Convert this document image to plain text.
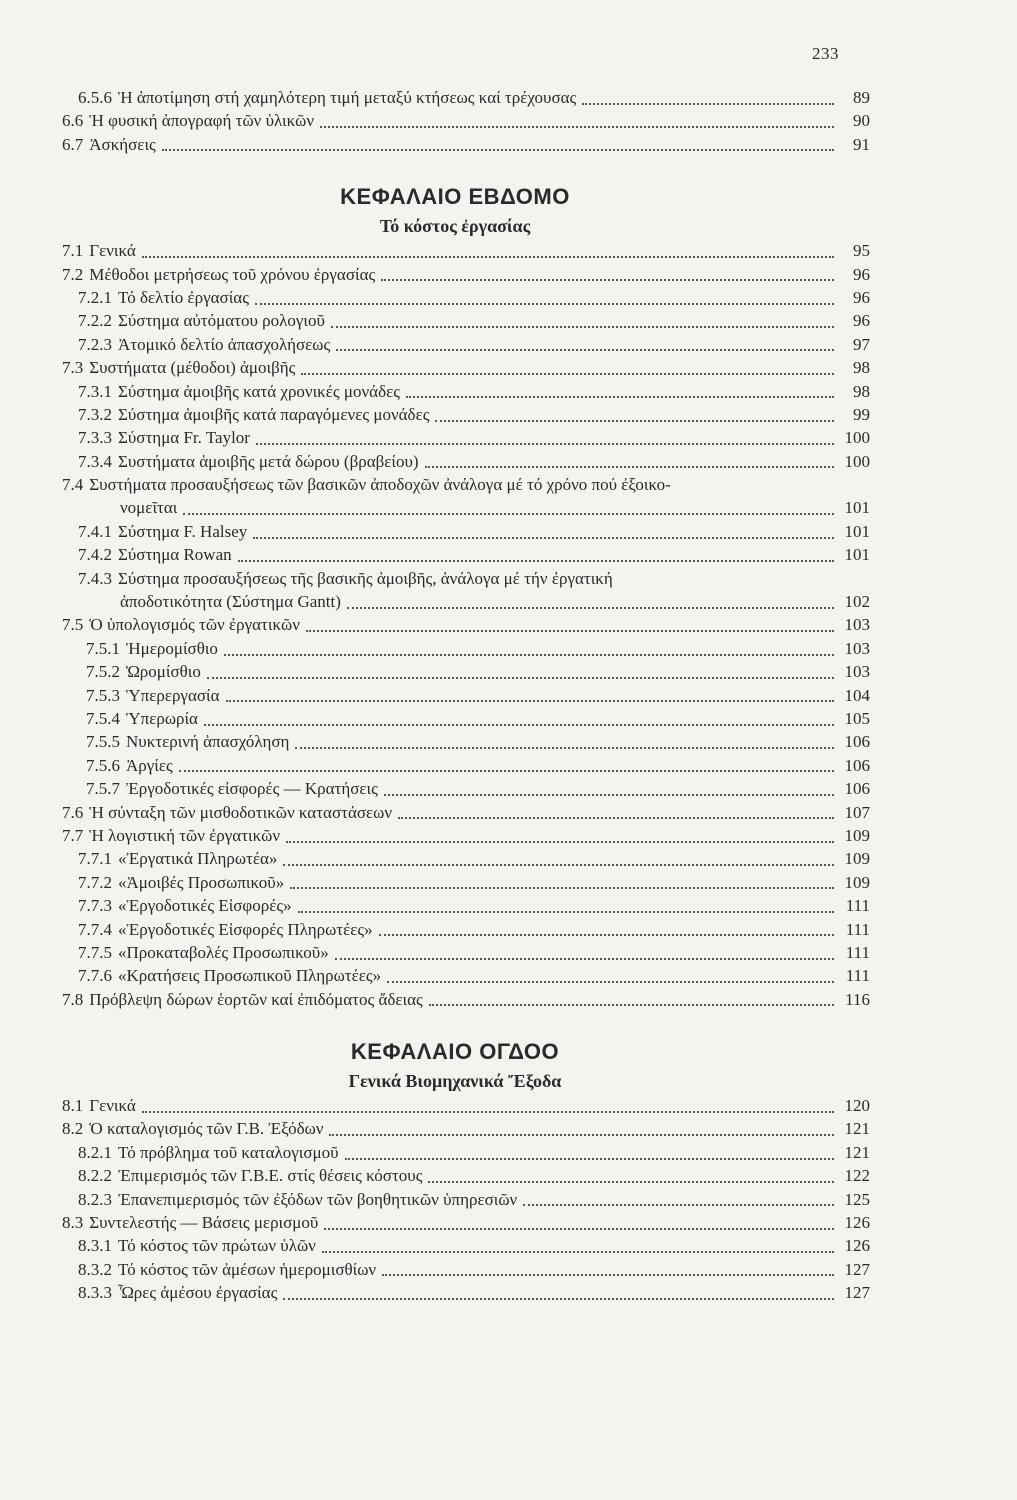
233
6.5.6 Ἡ ἀποτίμηση στή χαμηλότερη τιμή μεταξύ κτήσεως καί τρέχουσας	89
6.6 Ἡ φυσική ἀπογραφή τῶν ὑλικῶν	90
6.7 Ἀσκήσεις	91
ΚΕΦΑΛΑΙΟ ΕΒΔΟΜΟ
Τό κόστος ἐργασίας
7.1 Γενικά	95
7.2 Μέθοδοι μετρήσεως τοῦ χρόνου ἐργασίας	96
7.2.1 Τό δελτίο ἐργασίας	96
7.2.2 Σύστημα αὐτόματου ρολογιοῦ	96
7.2.3 Ἀτομικό δελτίο ἀπασχολήσεως	97
7.3 Συστήματα (μέθοδοι) ἀμοιβῆς	98
7.3.1 Σύστημα ἀμοιβῆς κατά χρονικές μονάδες	98
7.3.2 Σύστημα ἀμοιβῆς κατά παραγόμενες μονάδες	99
7.3.3 Σύστημα Fr. Taylor	100
7.3.4 Συστήματα ἀμοιβῆς μετά δώρου (βραβείου)	100
7.4 Συστήματα προσαυξήσεως τῶν βασικῶν ἀποδοχῶν ἀνάλογα μέ τό χρόνο πού ἐξοικο-
νομεῖται	101
7.4.1 Σύστημα F. Halsey	101
7.4.2 Σύστημα Rowan	101
7.4.3 Σύστημα προσαυξήσεως τῆς βασικῆς ἀμοιβῆς, ἀνάλογα μέ τήν ἐργατική
ἀποδοτικότητα (Σύστημα Gantt)	102
7.5 Ὁ ὑπολογισμός τῶν ἐργατικῶν	103
7.5.1 Ἡμερομίσθιο	103
7.5.2 Ὡρομίσθιο	103
7.5.3 Ὑπερεργασία	104
7.5.4 Ὑπερωρία	105
7.5.5 Νυκτερινή ἀπασχόληση	106
7.5.6 Ἀργίες	106
7.5.7 Ἐργοδοτικές εἰσφορές — Κρατήσεις	106
7.6 Ἡ σύνταξη τῶν μισθοδοτικῶν καταστάσεων	107
7.7 Ἡ λογιστική τῶν ἐργατικῶν	109
7.7.1 «Ἐργατικά Πληρωτέα»	109
7.7.2 «Ἀμοιβές Προσωπικοῦ»	109
7.7.3 «Ἐργοδοτικές Εἰσφορές»	111
7.7.4 «Ἐργοδοτικές Εἰσφορές Πληρωτέες»	111
7.7.5 «Προκαταβολές Προσωπικοῦ»	111
7.7.6 «Κρατήσεις Προσωπικοῦ Πληρωτέες»	111
7.8 Πρόβλεψη δώρων ἑορτῶν καί ἐπιδόματος ἄδειας	116
ΚΕΦΑΛΑΙΟ ΟΓΔΟΟ
Γενικά Βιομηχανικά Ἔξοδα
8.1 Γενικά	120
8.2 Ὁ καταλογισμός τῶν Γ.Β. Ἐξόδων	121
8.2.1 Τό πρόβλημα τοῦ καταλογισμοῦ	121
8.2.2 Ἐπιμερισμός τῶν Γ.Β.Ε. στίς θέσεις κόστους	122
8.2.3 Ἐπανεπιμερισμός τῶν ἐξόδων τῶν βοηθητικῶν ὑπηρεσιῶν	125
8.3 Συντελεστής — Βάσεις μερισμοῦ	126
8.3.1 Τό κόστος τῶν πρώτων ὑλῶν	126
8.3.2 Τό κόστος τῶν ἀμέσων ἡμερομισθίων	127
8.3.3 Ὧρες ἀμέσου ἐργασίας	127
